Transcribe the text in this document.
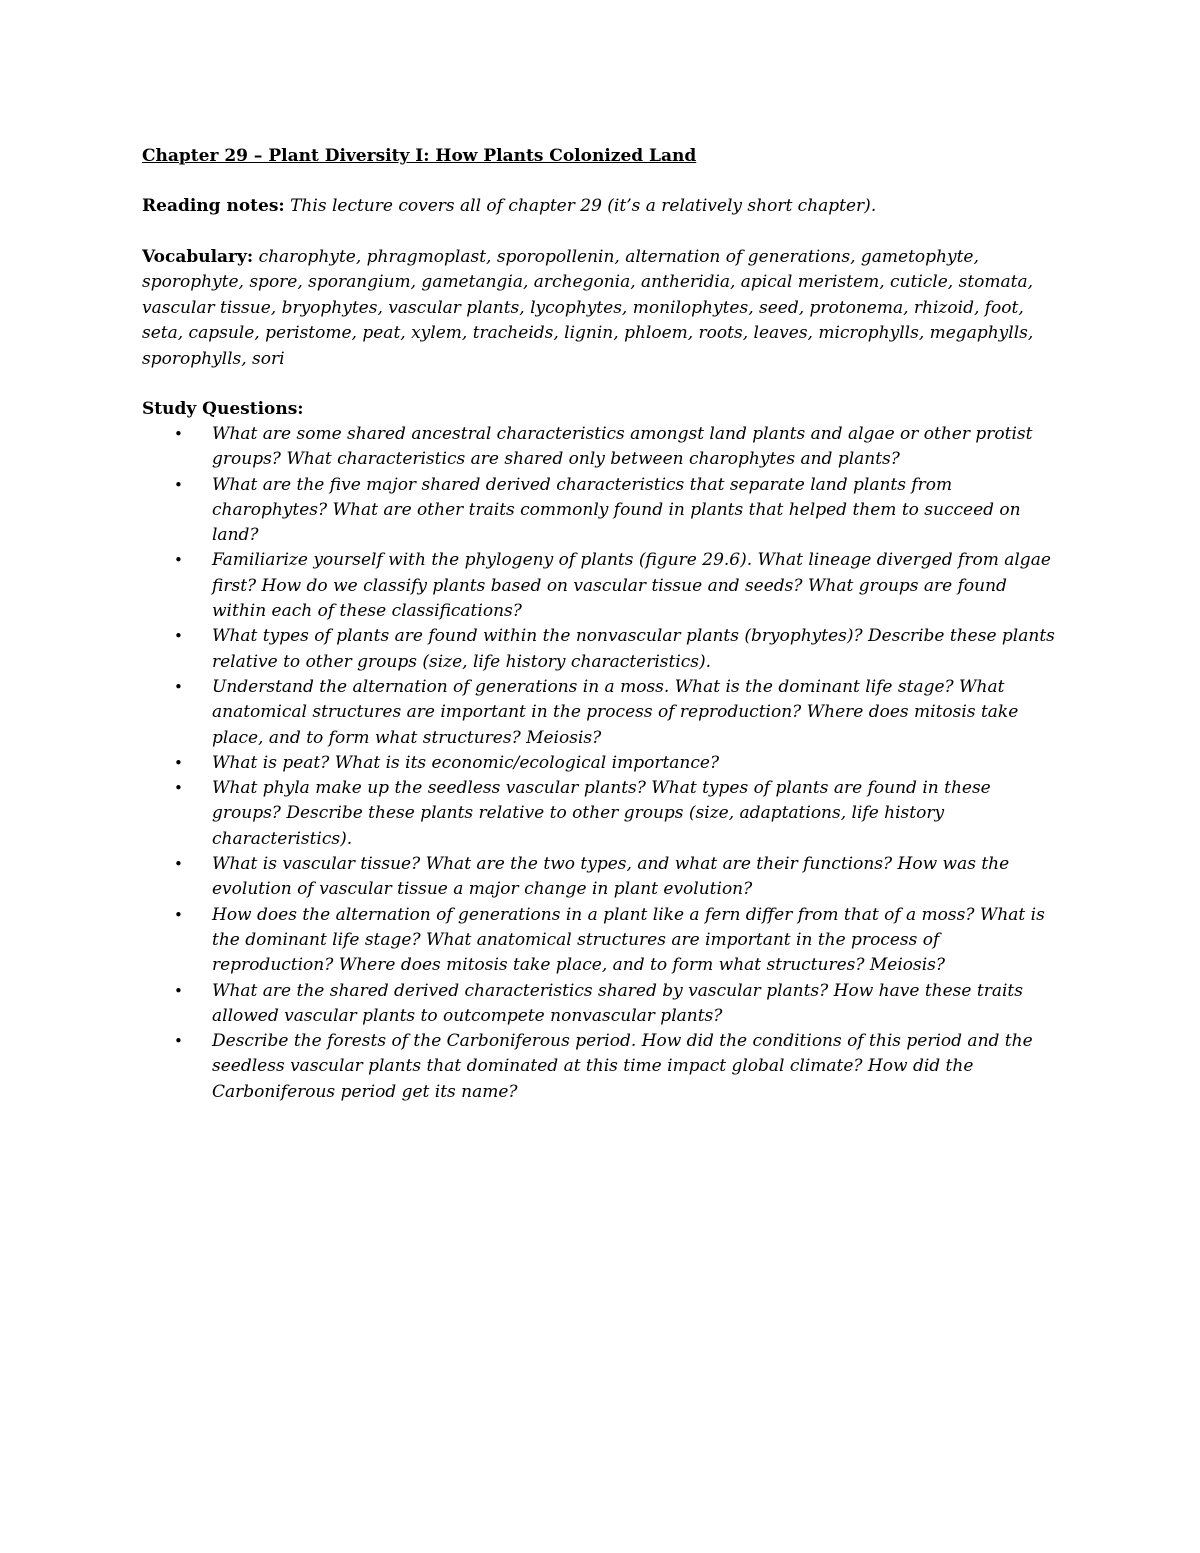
Chapter 29 – Plant Diversity I: How Plants Colonized Land
Reading notes: This lecture covers all of chapter 29 (it’s a relatively short chapter).
Vocabulary: charophyte, phragmoplast, sporopollenin, alternation of generations, gametophyte, sporophyte, spore, sporangium, gametangia, archegonia, antheridia, apical meristem, cuticle, stomata, vascular tissue, bryophytes, vascular plants, lycophytes, monilophytes, seed, protonema, rhizoid, foot, seta, capsule, peristome, peat, xylem, tracheids, lignin, phloem, roots, leaves, microphylls, megaphylls, sporophylls, sori
Study Questions:
• What are some shared ancestral characteristics amongst land plants and algae or other protist groups? What characteristics are shared only between charophytes and plants?
• What are the five major shared derived characteristics that separate land plants from charophytes? What are other traits commonly found in plants that helped them to succeed on land?
• Familiarize yourself with the phylogeny of plants (figure 29.6). What lineage diverged from algae first? How do we classify plants based on vascular tissue and seeds? What groups are found within each of these classifications?
• What types of plants are found within the nonvascular plants (bryophytes)? Describe these plants relative to other groups (size, life history characteristics).
• Understand the alternation of generations in a moss. What is the dominant life stage? What anatomical structures are important in the process of reproduction? Where does mitosis take place, and to form what structures? Meiosis?
• What is peat? What is its economic/ecological importance?
• What phyla make up the seedless vascular plants? What types of plants are found in these groups? Describe these plants relative to other groups (size, adaptations, life history characteristics).
• What is vascular tissue? What are the two types, and what are their functions? How was the evolution of vascular tissue a major change in plant evolution?
• How does the alternation of generations in a plant like a fern differ from that of a moss? What is the dominant life stage? What anatomical structures are important in the process of reproduction? Where does mitosis take place, and to form what structures? Meiosis?
• What are the shared derived characteristics shared by vascular plants? How have these traits allowed vascular plants to outcompete nonvascular plants?
• Describe the forests of the Carboniferous period. How did the conditions of this period and the seedless vascular plants that dominated at this time impact global climate? How did the Carboniferous period get its name?
